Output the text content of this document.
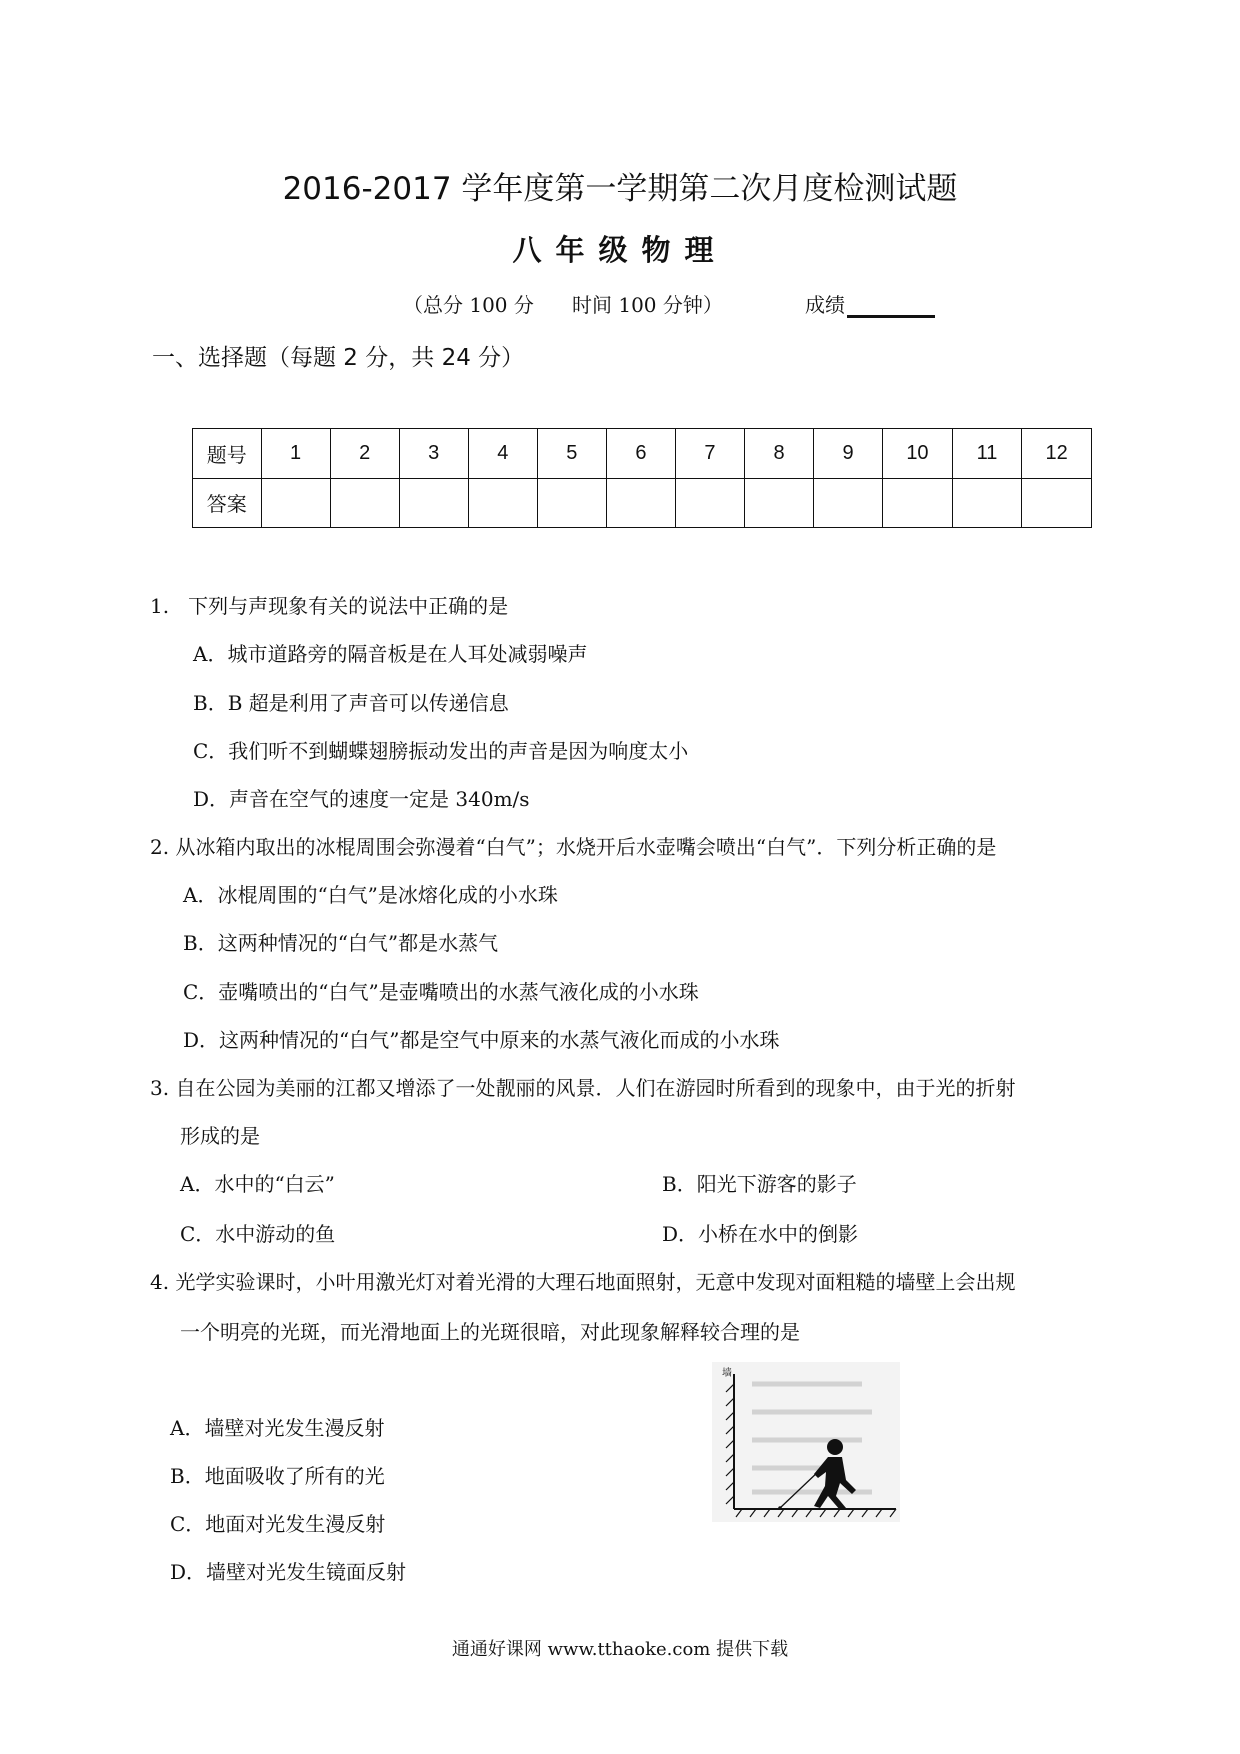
2016-2017 学年度第一学期第二次月度检测试题
八年级物理
（总分 100 分 时间 100 分钟）	成绩
一、选择题（每题 2 分，共 24 分）
题号	1	2	3	4	5	6	7	8	9	10	11	12
答案												
1.   下列与声现象有关的说法中正确的是
A．城市道路旁的隔音板是在人耳处减弱噪声
B．B 超是利用了声音可以传递信息
C．我们听不到蝴蝶翅膀振动发出的声音是因为响度太小
D．声音在空气的速度一定是 340m/s
2. 从冰箱内取出的冰棍周围会弥漫着“白气”；水烧开后水壶嘴会喷出“白气”．下列分析正确的是
A．冰棍周围的“白气”是冰熔化成的小水珠
B．这两种情况的“白气”都是水蒸气
C．壶嘴喷出的“白气”是壶嘴喷出的水蒸气液化成的小水珠
D．这两种情况的“白气”都是空气中原来的水蒸气液化而成的小水珠
3. 自在公园为美丽的江都又增添了一处靓丽的风景．人们在游园时所看到的现象中，由于光的折射
形成的是
A．水中的“白云”	B．阳光下游客的影子
C．水中游动的鱼	D．小桥在水中的倒影
4. 光学实验课时，小叶用激光灯对着光滑的大理石地面照射，无意中发现对面粗糙的墙壁上会出规
一个明亮的光斑，而光滑地面上的光斑很暗，对此现象解释较合理的是
A．墙壁对光发生漫反射
B．地面吸收了所有的光
C．地面对光发生漫反射
D．墙壁对光发生镜面反射
墙
通通好课网 www.tthaoke.com 提供下载
